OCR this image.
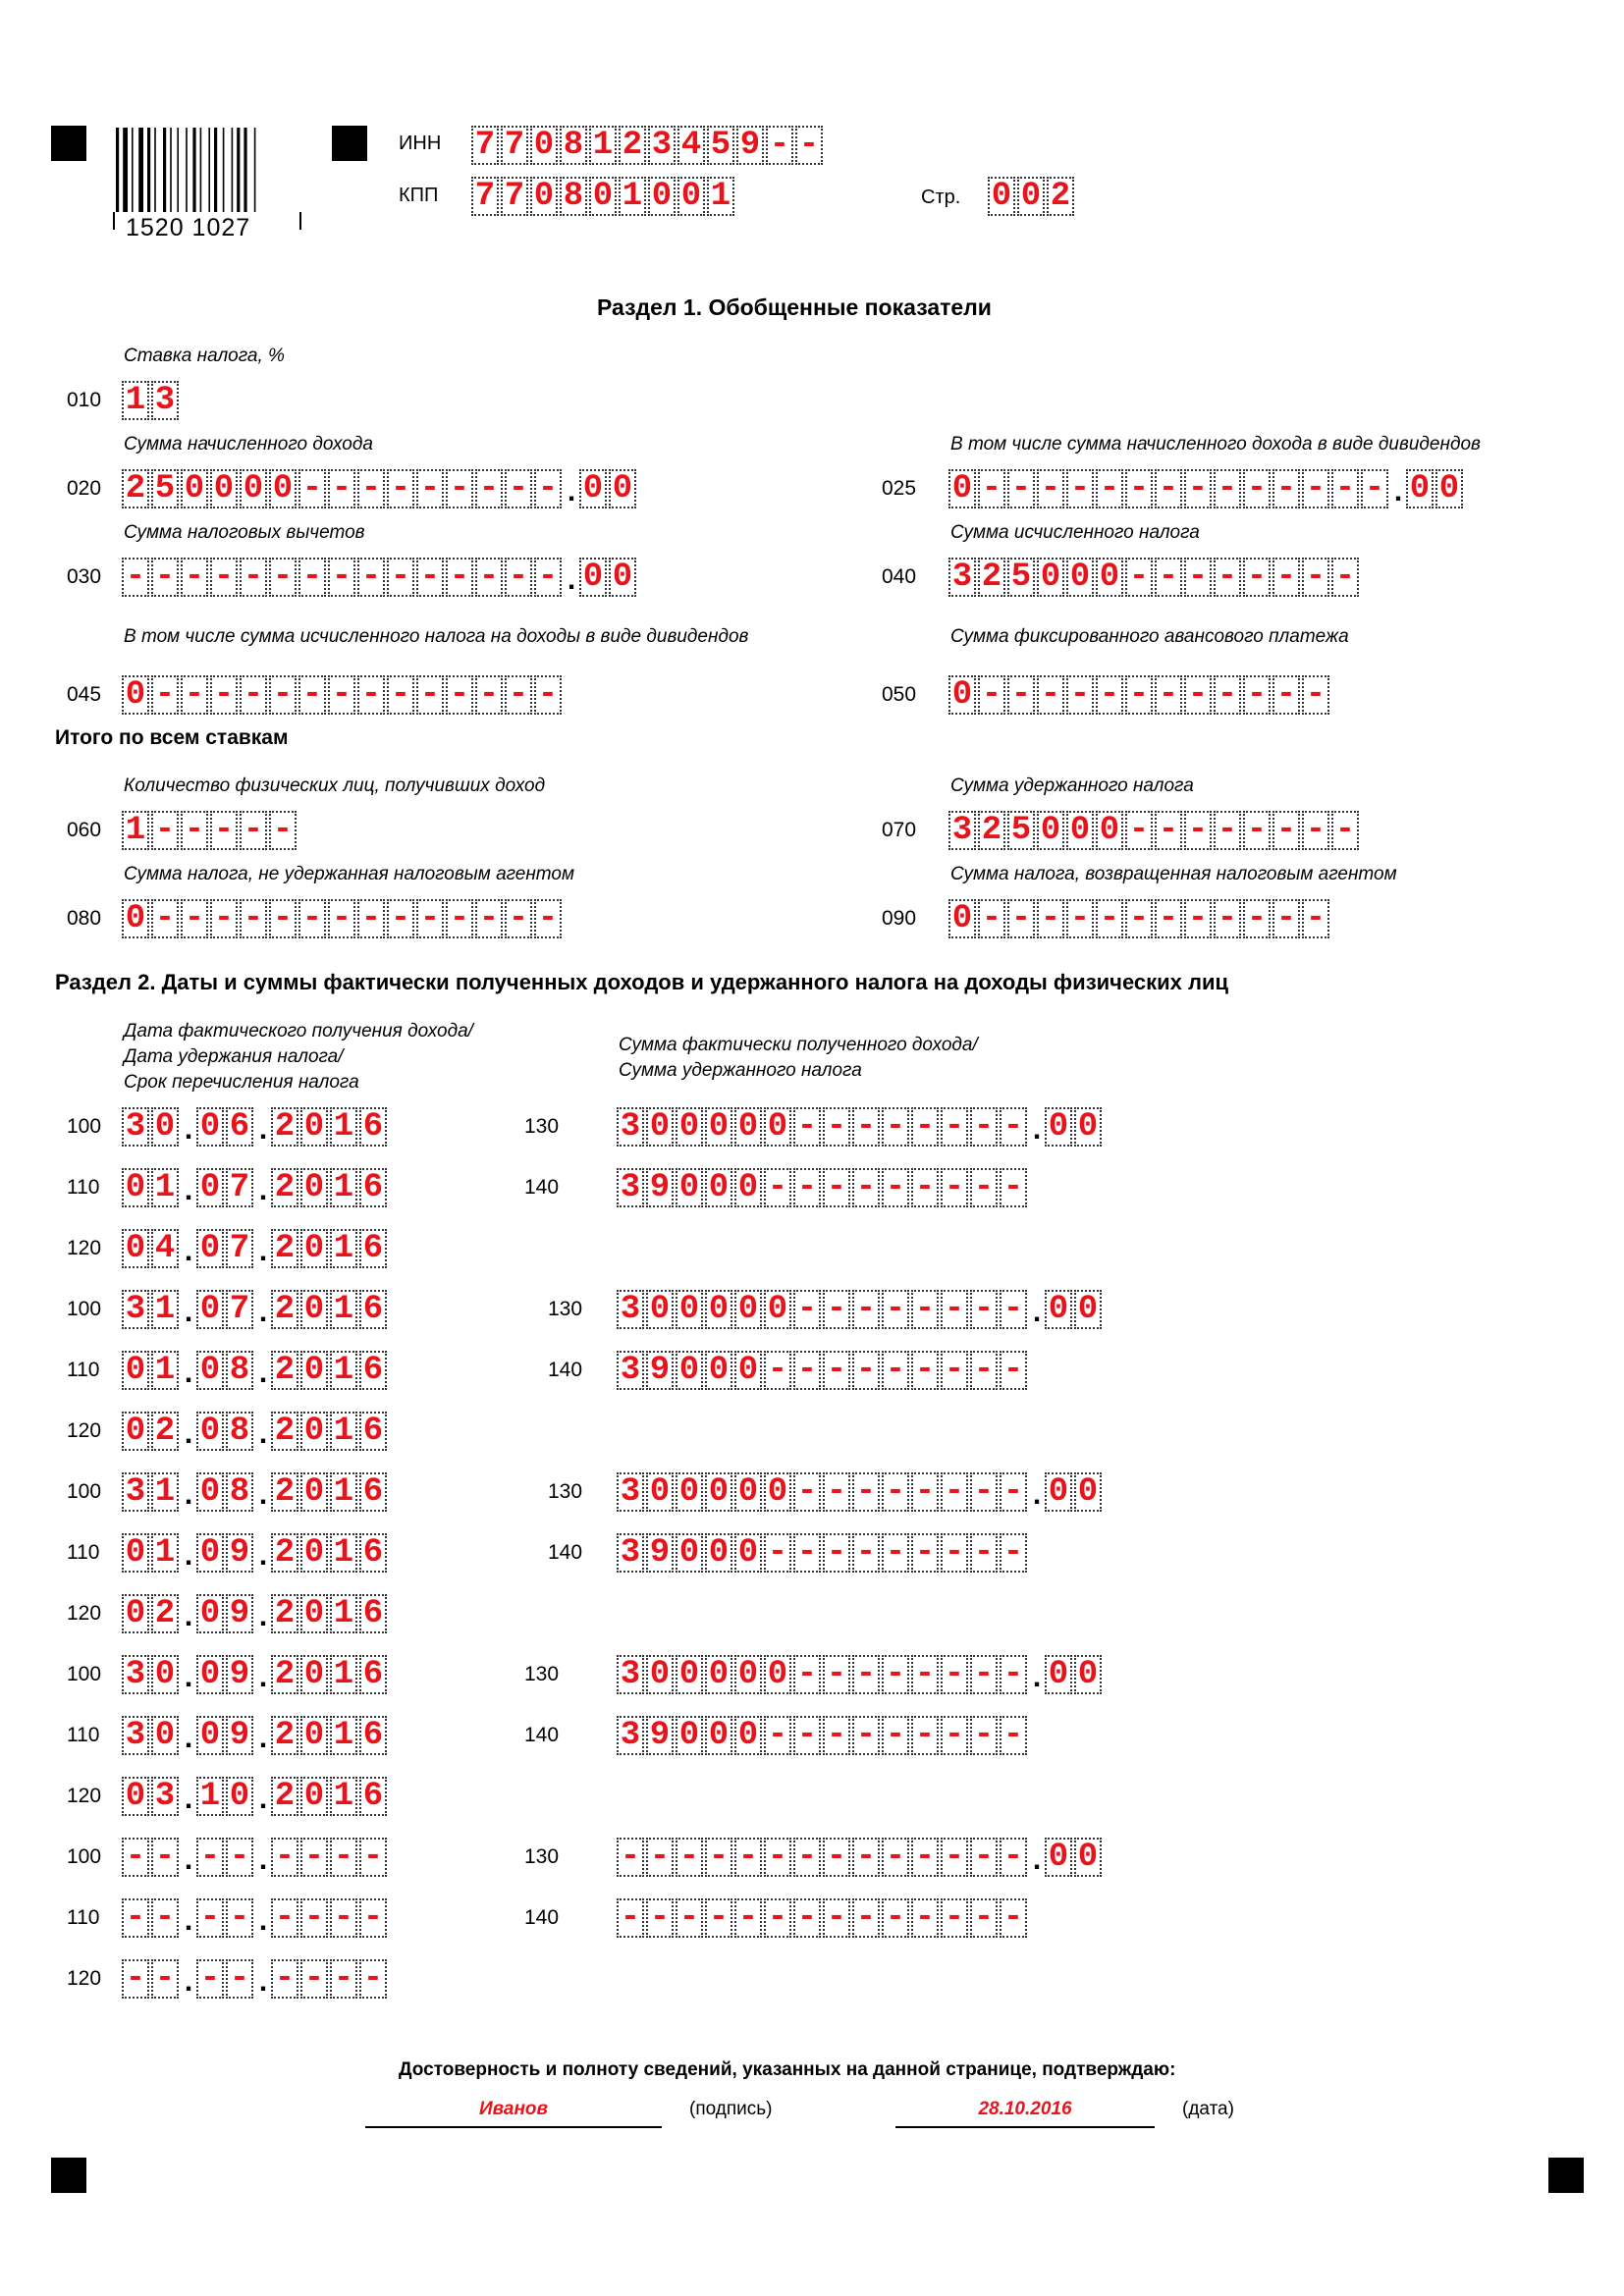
1520 1027
ИНН 7 7 0 8 1 2 3 4 5 9 - -
КПП 7 7 0 8 0 1 0 0 1	Стр. 0 0 2
Раздел 1. Обобщенные показатели
Ставка налога, %
010 1 3
Сумма начисленного дохода
020 2 5 0 0 0 0 - - - - - - - - - . 0 0
В том числе сумма начисленного дохода в виде дивидендов
025 0 - - - - - - - - - - - - - - . 0 0
Сумма налоговых вычетов
030 - - - - - - - - - - - - - - - . 0 0
Сумма исчисленного налога
040 3 2 5 0 0 0 - - - - - - - -
В том числе сумма исчисленного налога на доходы в виде дивидендов
045 0 - - - - - - - - - - - - - -
Сумма фиксированного авансового платежа
050 0 - - - - - - - - - - - -
Итого по всем ставкам
Количество физических лиц, получивших доход
060 1 - - - - -
Сумма удержанного налога
070 3 2 5 0 0 0 - - - - - - - -
Сумма налога, не удержанная налоговым агентом
080 0 - - - - - - - - - - - - - -
Сумма налога, возвращенная налоговым агентом
090 0 - - - - - - - - - - - -
Раздел 2. Даты и суммы фактически полученных доходов и удержанного налога на доходы физических лиц
Дата фактического получения дохода/
Дата удержания налога/
Срок перечисления налога
Сумма фактически полученного дохода/
Сумма удержанного налога
100 3 0 . 0 6 . 2 0 1 6	130 3 0 0 0 0 0 - - - - - - - - . 0 0
110 0 1 . 0 7 . 2 0 1 6	140 3 9 0 0 0 - - - - - - - - -
120 0 4 . 0 7 . 2 0 1 6
100 3 1 . 0 7 . 2 0 1 6	130 3 0 0 0 0 0 - - - - - - - - . 0 0
110 0 1 . 0 8 . 2 0 1 6	140 3 9 0 0 0 - - - - - - - - -
120 0 2 . 0 8 . 2 0 1 6
100 3 1 . 0 8 . 2 0 1 6	130 3 0 0 0 0 0 - - - - - - - - . 0 0
110 0 1 . 0 9 . 2 0 1 6	140 3 9 0 0 0 - - - - - - - - -
120 0 2 . 0 9 . 2 0 1 6
100 3 0 . 0 9 . 2 0 1 6	130 3 0 0 0 0 0 - - - - - - - - . 0 0
110 3 0 . 0 9 . 2 0 1 6	140 3 9 0 0 0 - - - - - - - - -
120 0 3 . 1 0 . 2 0 1 6
100 - - . - - . - - - -	130 - - - - - - - - - - - - - - . 0 0
110 - - . - - . - - - -	140 - - - - - - - - - - - - - -
120 - - . - - . - - - -
Достоверность и полноту сведений, указанных на данной странице, подтверждаю:
Иванов	(подпись)	28.10.2016	(дата)
